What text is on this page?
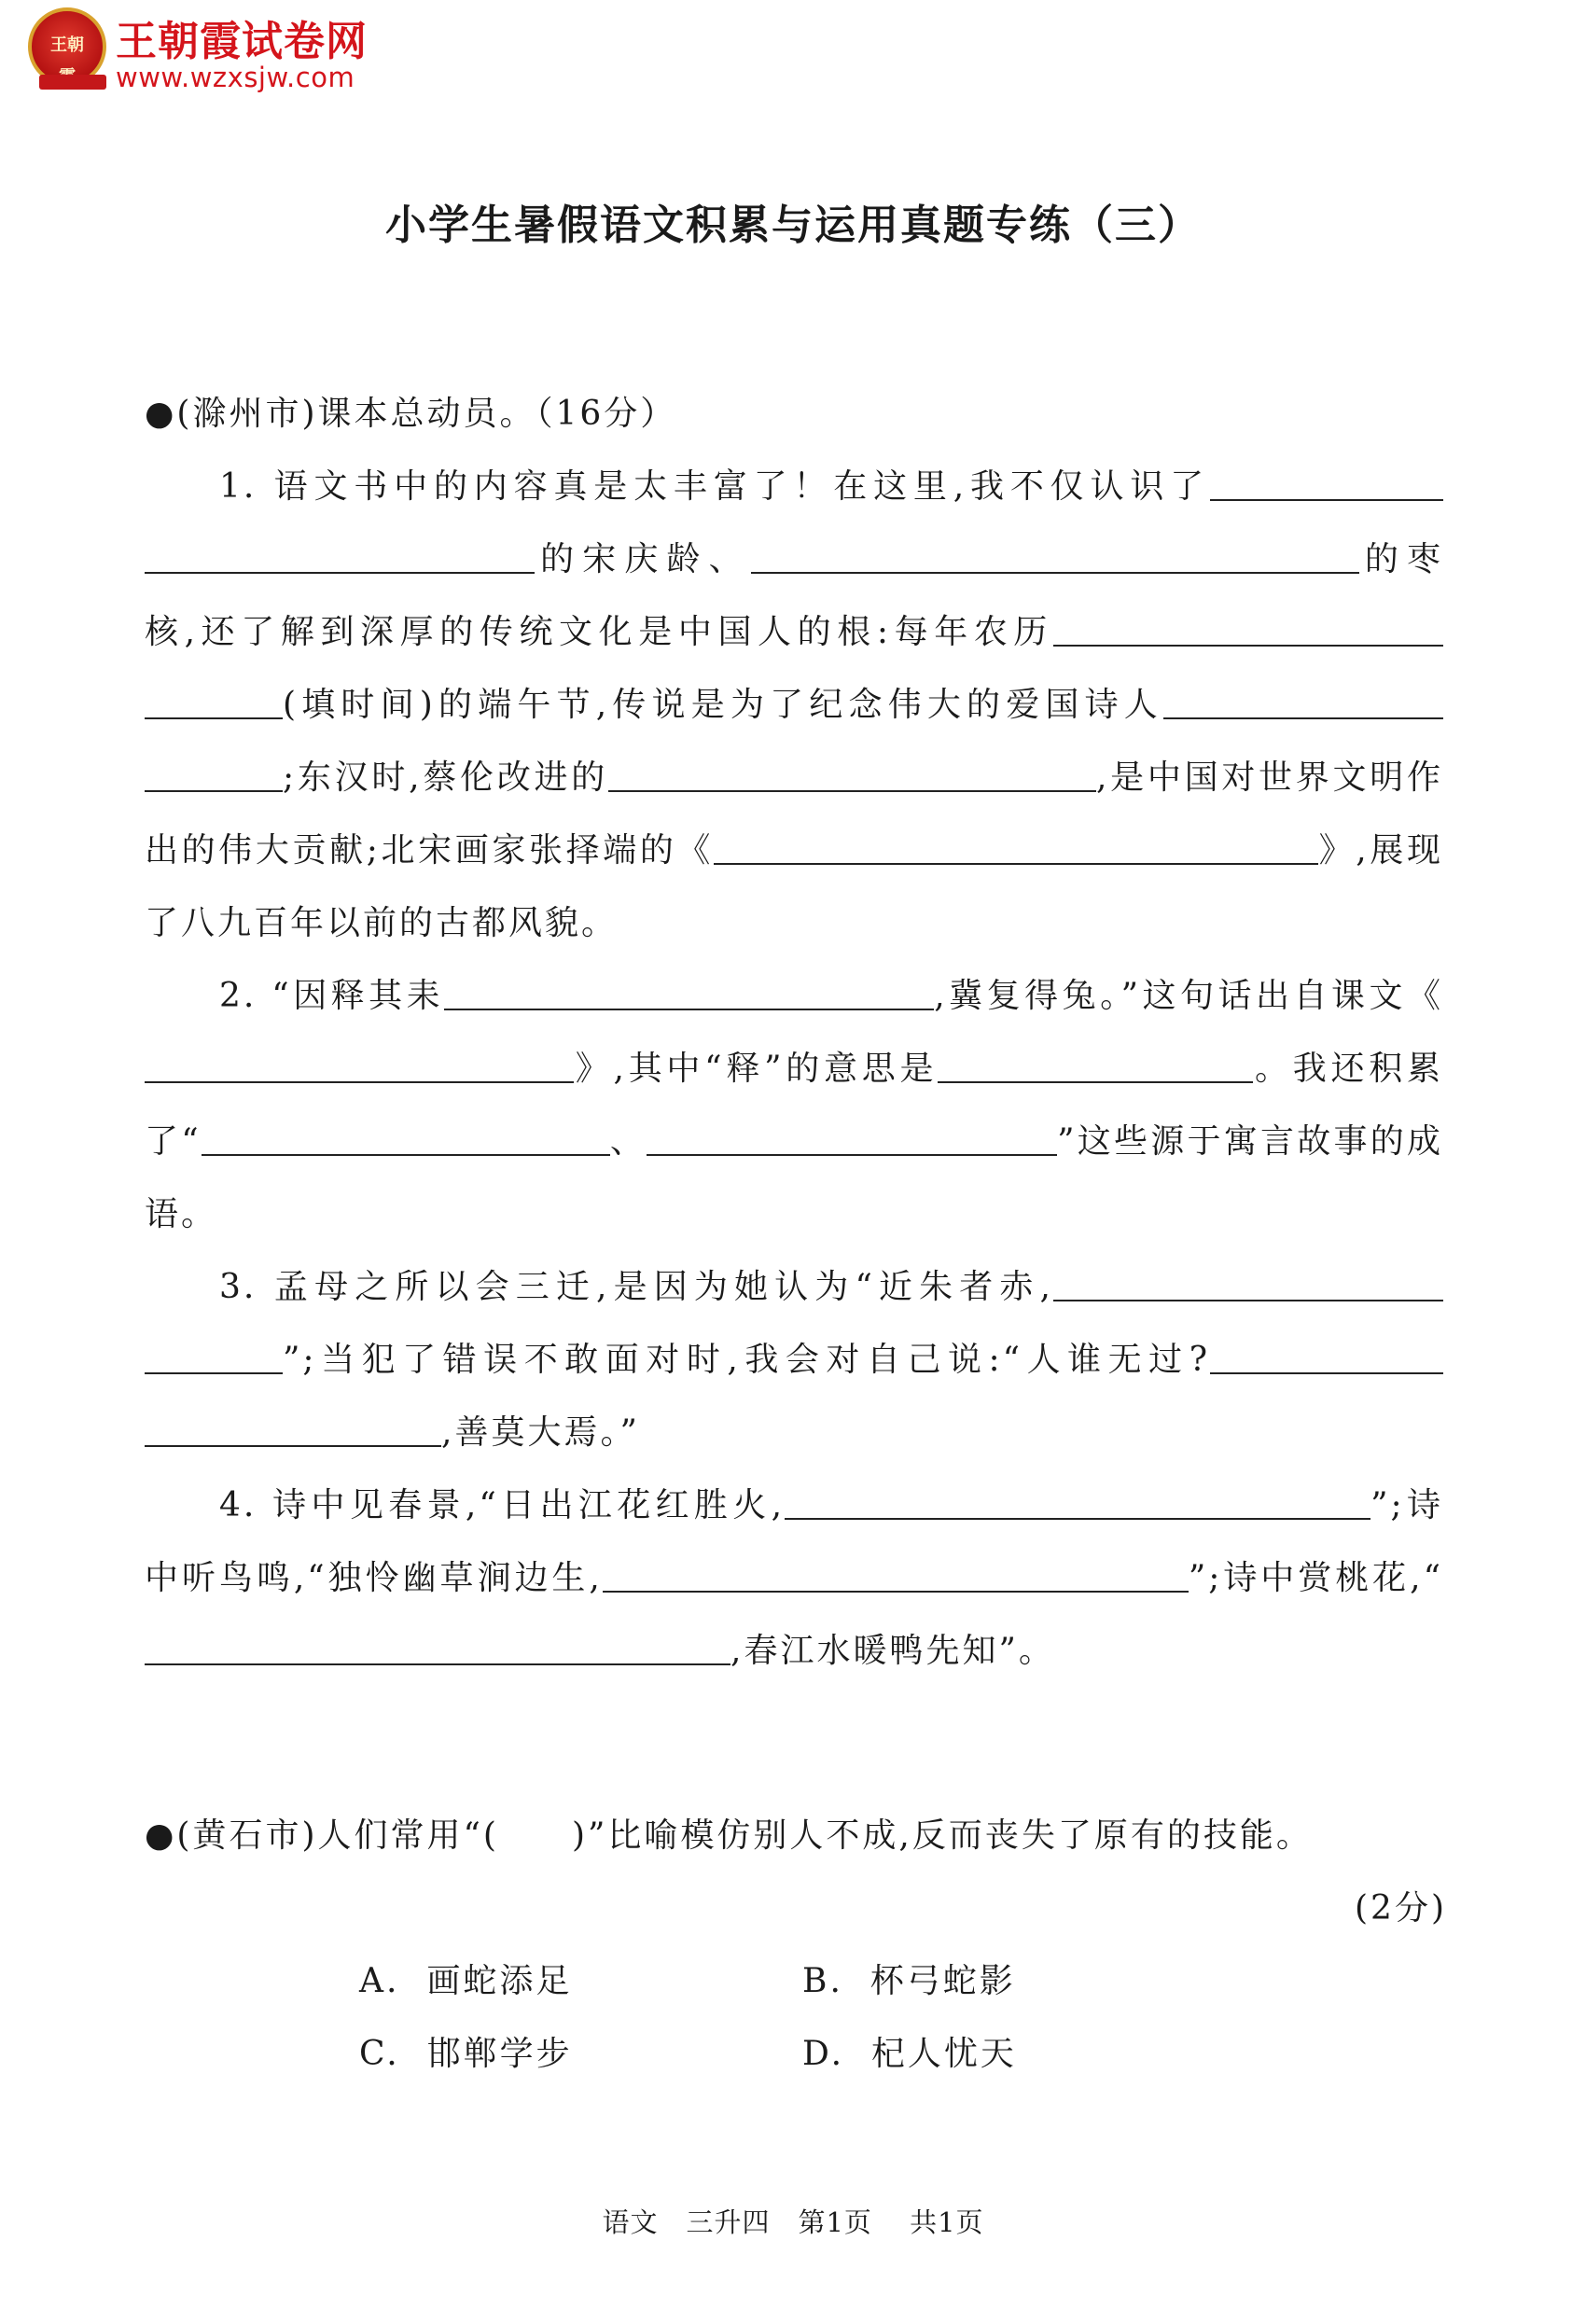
王朝 王朝霞试卷网
www.wzxsjw.com
小学生暑假语文积累与运用真题专练（三）
●(滁州市)课本总动员。（16分）

1. 语文书中的内容真是太丰富了！在这里,我不仅认识了 的宋庆龄、	的枣核,还了解到深厚的传统文化是中国人的根:每年农历 (填时间)的端午节,传说是为了纪念伟大的爱国诗人 ;东汉时,蔡伦改进的	,是中国对世界文明作出的伟大贡献;北宋画家张择端的《	》,展现了八九百年以前的古都风貌。

2. “因释其耒	,冀复得兔。”这句话出自课文《》,其中“释”的意思是	。我还积累了“	、	”这些源于寓言故事的成语。

3. 孟母之所以会三迁,是因为她认为“近朱者赤, ”;当犯了错误不敢面对时,我会对自己说:“人谁无过? ,善莫大焉。”

4. 诗中见春景,“日出江花红胜火,	”;诗中听鸟鸣,“独怜幽草涧边生,	”;诗中赏桃花,“,春江水暖鸭先知”。

●(黄石市)人们常用“(　　)”比喻模仿别人不成,反而丧失了原有的技能。
(2分)
A. 画蛇添足	B. 杯弓蛇影
C. 邯郸学步	D. 杞人忧天
语文　三升四　第1页　 共1页
